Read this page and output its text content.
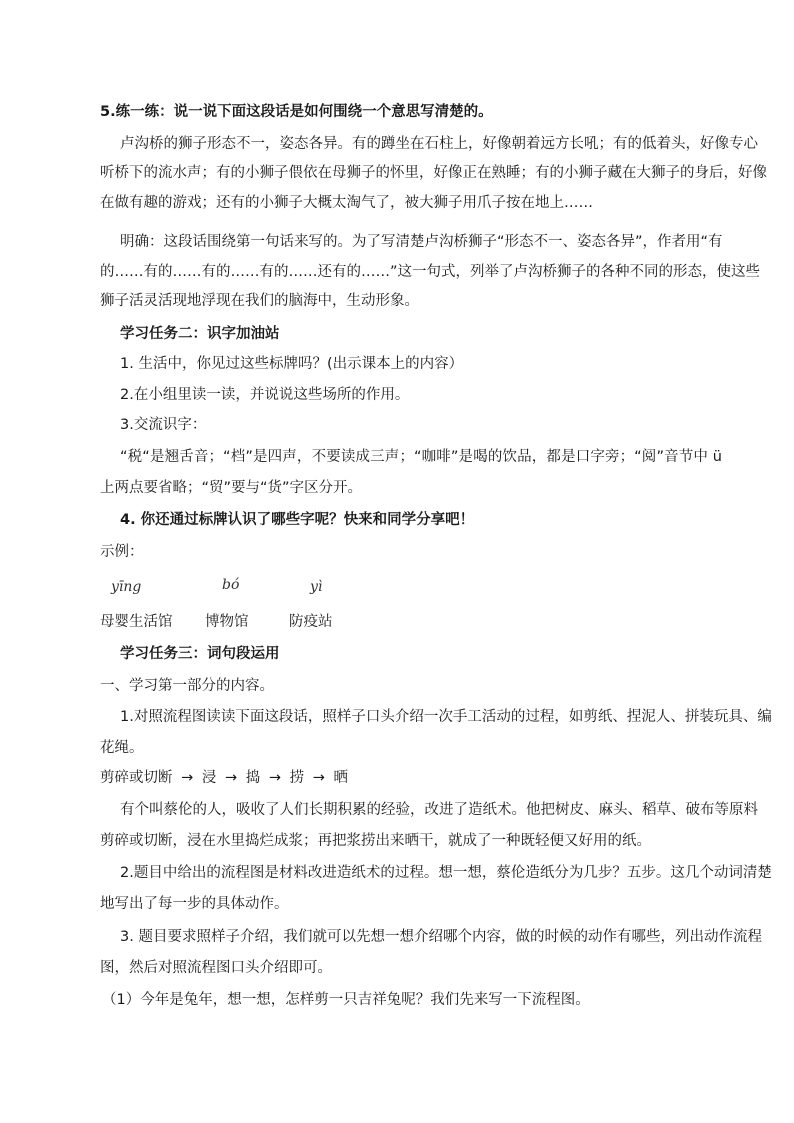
5.练一练：说一说下面这段话是如何围绕一个意思写清楚的。
卢沟桥的狮子形态不一，姿态各异。有的蹲坐在石柱上，好像朝着远方长吼；有的低着头，好像专心
听桥下的流水声；有的小狮子偎依在母狮子的怀里，好像正在熟睡；有的小狮子藏在大狮子的身后，好像
在做有趣的游戏；还有的小狮子大概太淘气了，被大狮子用爪子按在地上……
明确：这段话围绕第一句话来写的。为了写清楚卢沟桥狮子“形态不一、姿态各异”，作者用“有
的……有的……有的……有的……还有的……”这一句式，列举了卢沟桥狮子的各种不同的形态，使这些
狮子活灵活现地浮现在我们的脑海中，生动形象。
学习任务二：识字加油站
1. 生活中，你见过这些标牌吗？(出示课本上的内容）
2.在小组里读一读，并说说这些场所的作用。
3.交流识字：
“税“是翘舌音；“档”是四声，不要读成三声；“咖啡”是喝的饮品，都是口字旁；“阅”音节中 ü
上两点要省略；“贸”要与“货”字区分开。
4. 你还通过标牌认识了哪些字呢？快来和同学分享吧！
示例：
yīng	bó	yì
母婴生活馆 博物馆	防疫站
学习任务三：词句段运用
一、学习第一部分的内容。
1.对照流程图读读下面这段话，照样子口头介绍一次手工活动的过程，如剪纸、捏泥人、拼装玩具、编
花绳。
剪碎或切断 → 浸 → 捣 → 捞 → 晒
有个叫蔡伦的人，吸收了人们长期积累的经验，改进了造纸术。他把树皮、麻头、稻草、破布等原料
剪碎或切断，浸在水里捣烂成浆；再把浆捞出来晒干，就成了一种既轻便又好用的纸。
2.题目中给出的流程图是材料改进造纸术的过程。想一想，蔡伦造纸分为几步？五步。这几个动词清楚
地写出了每一步的具体动作。
3. 题目要求照样子介绍，我们就可以先想一想介绍哪个内容，做的时候的动作有哪些，列出动作流程
图，然后对照流程图口头介绍即可。
（1）今年是兔年，想一想，怎样剪一只吉祥兔呢？我们先来写一下流程图。
